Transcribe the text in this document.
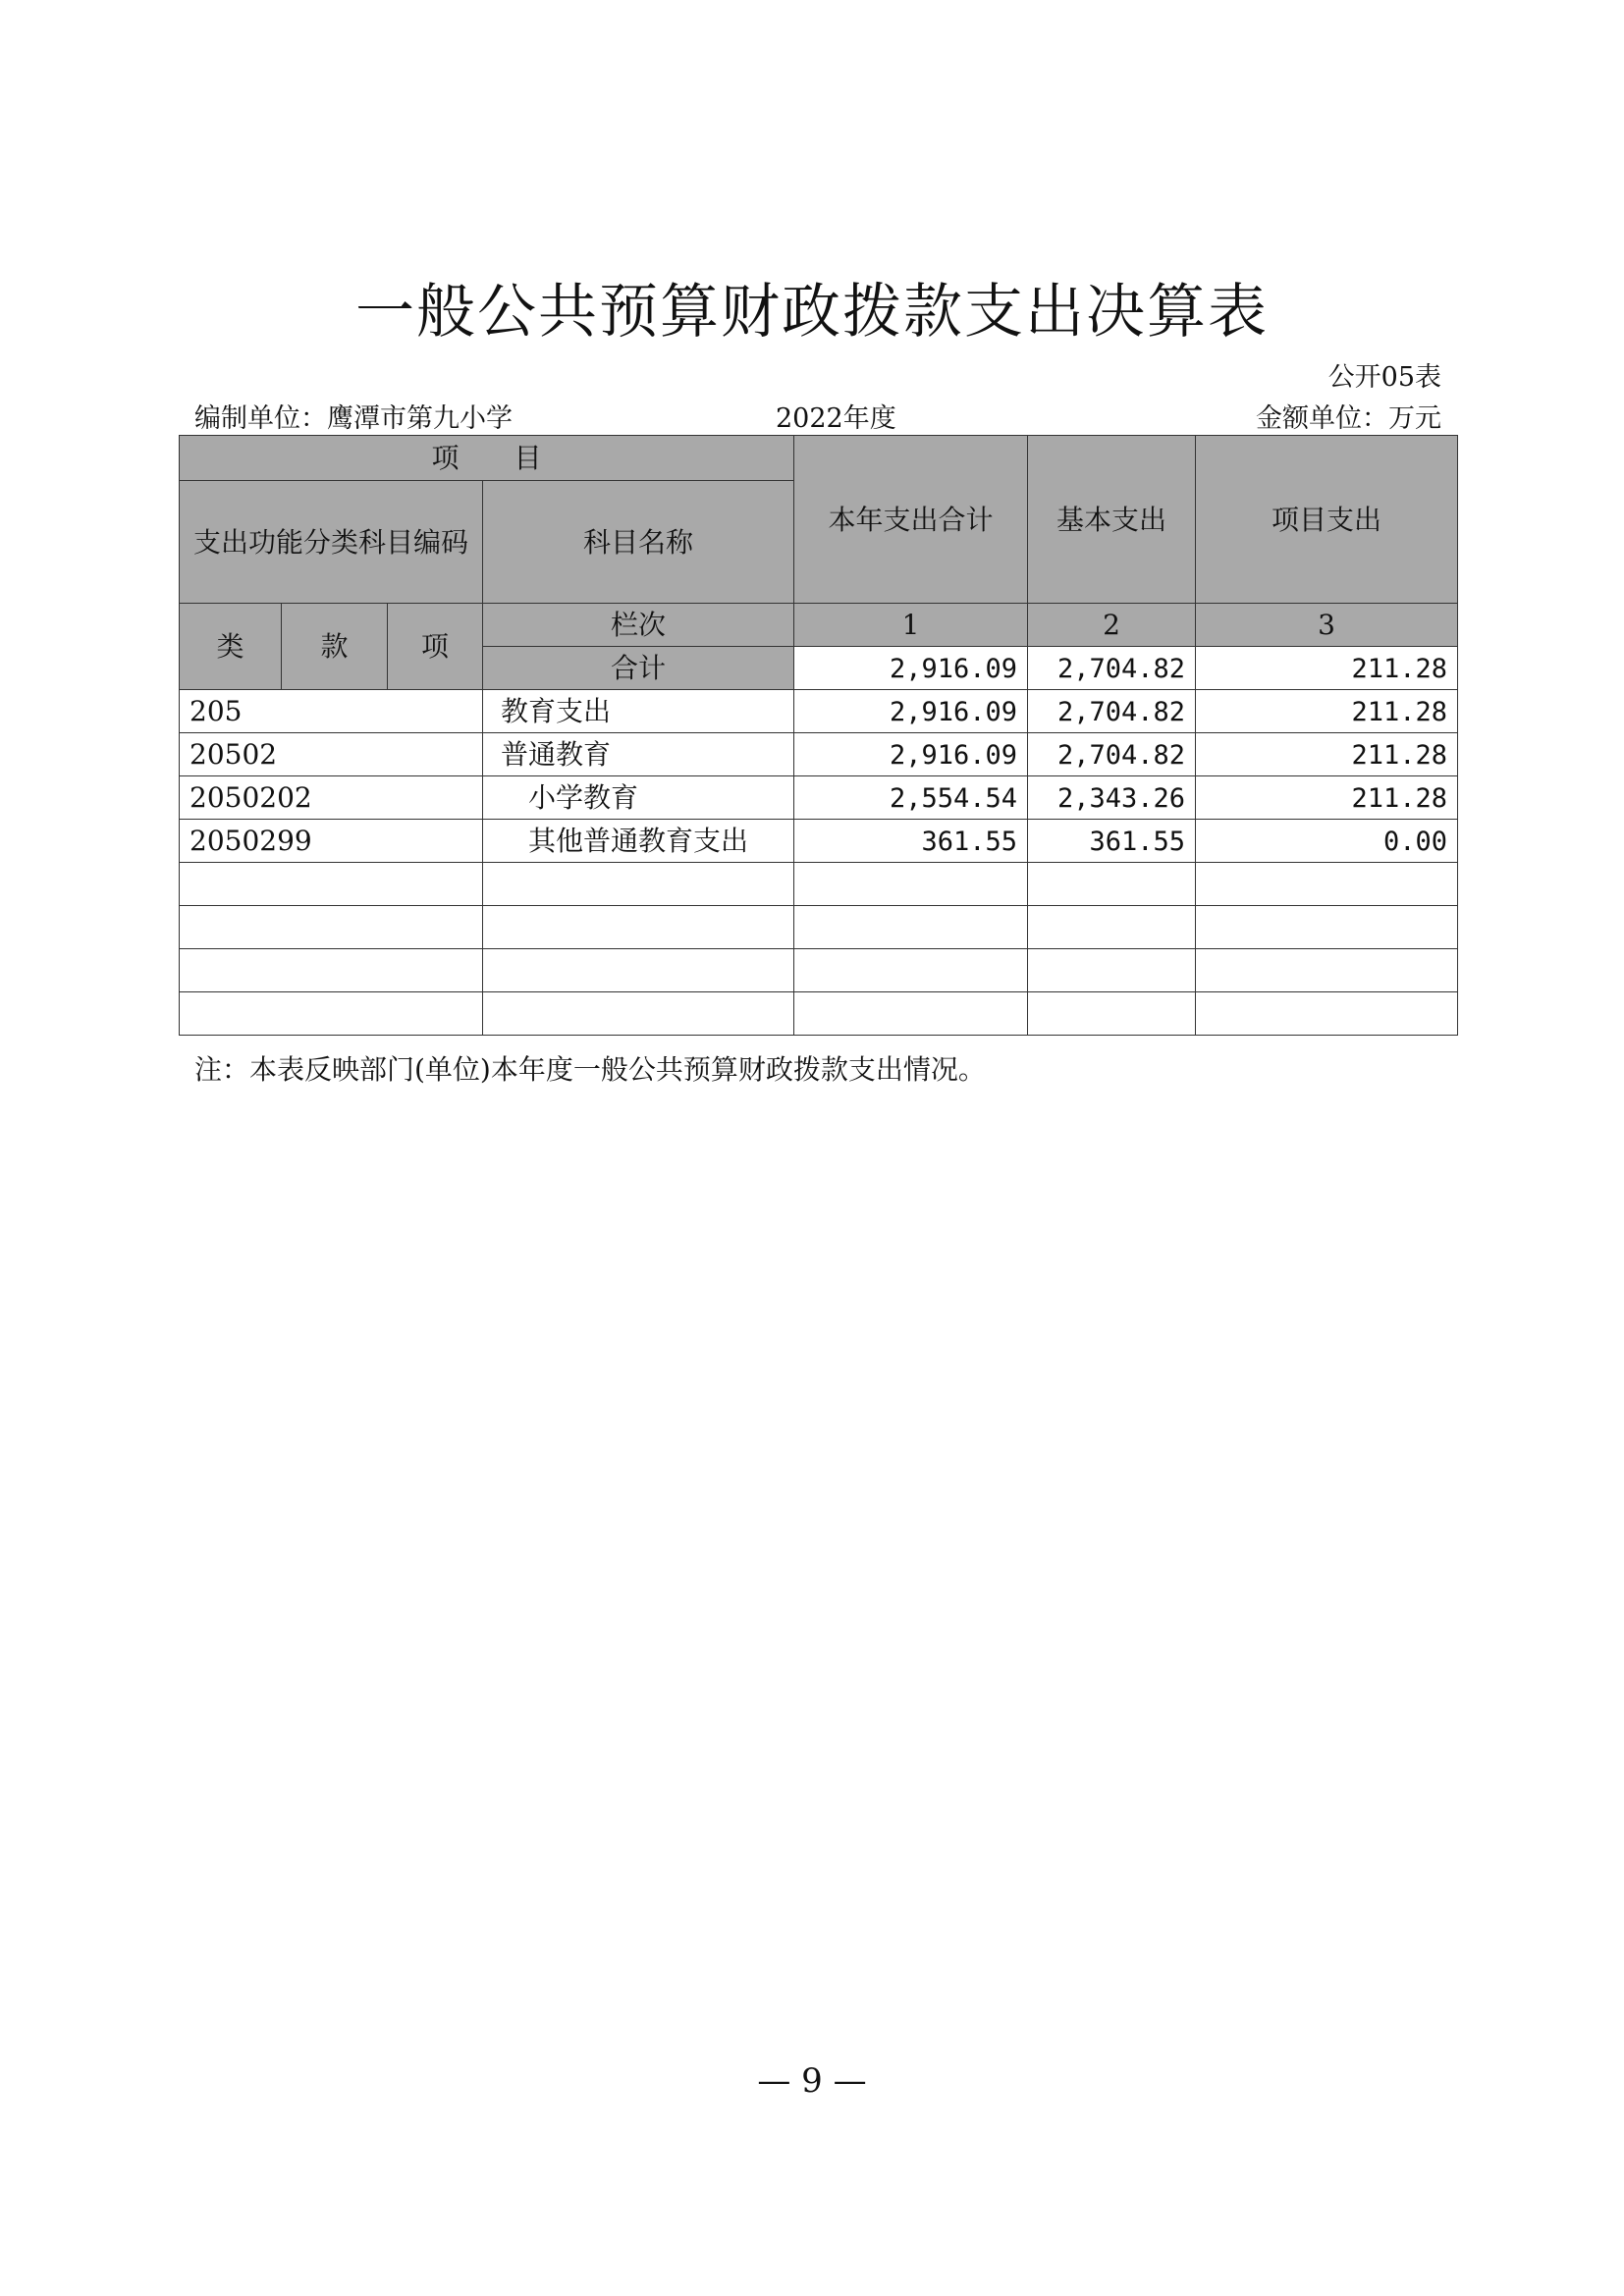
一般公共预算财政拨款支出决算表
公开05表
编制单位：鹰潭市第九小学	2022年度	金额单位：万元
项　　目				本年支出合计	基本支出	项目支出
支出功能分类科目编码			科目名称			
类	款	项	栏次	1	2	3
			合计	2,916.09	2,704.82	211.28
205			教育支出	2,916.09	2,704.82	211.28
20502			普通教育	2,916.09	2,704.82	211.28
2050202			小学教育	2,554.54	2,343.26	211.28
2050299			其他普通教育支出	361.55	361.55	0.00

注：本表反映部门(单位)本年度一般公共预算财政拨款支出情况。
— 9 —
